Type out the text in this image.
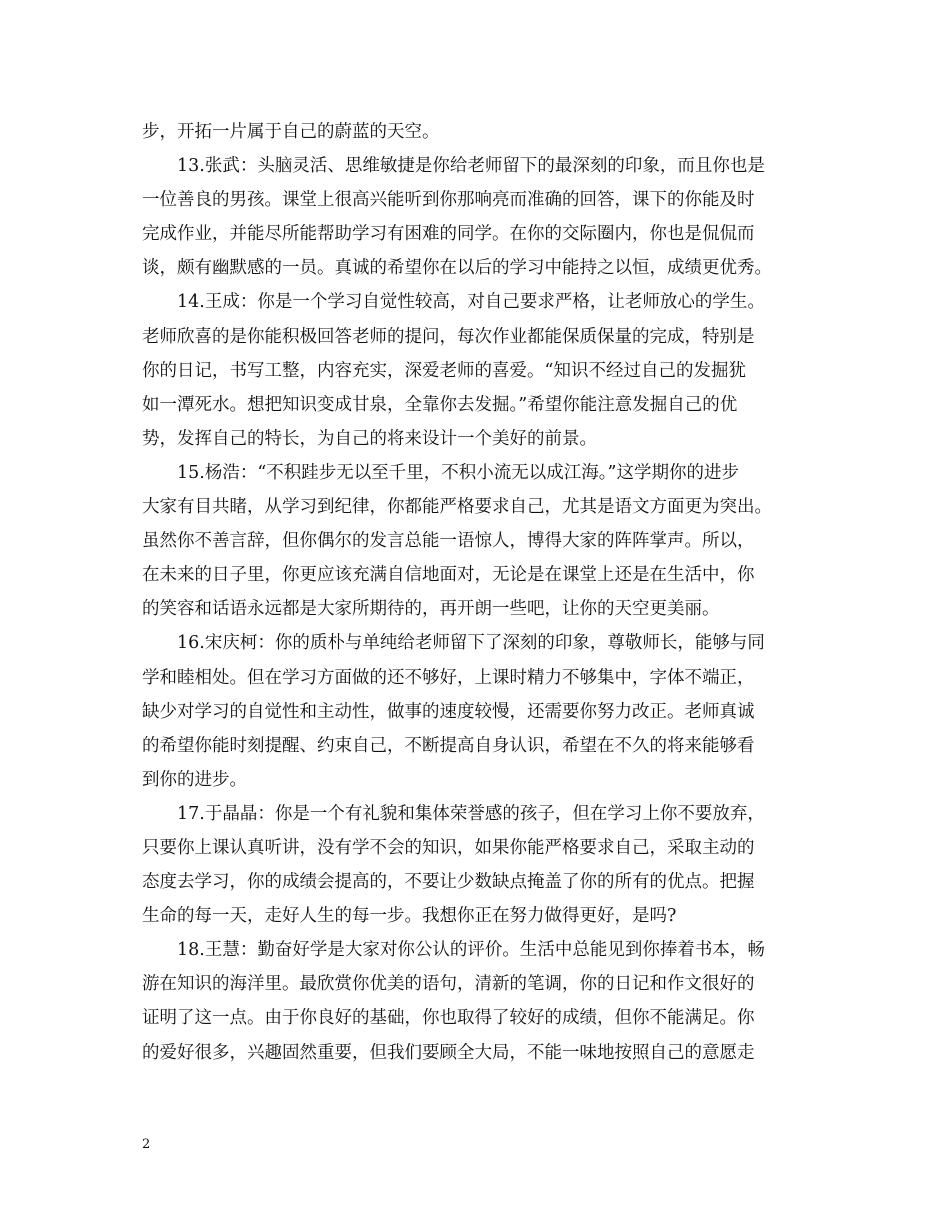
步，开拓一片属于自己的蔚蓝的天空。
13.张武：头脑灵活、思维敏捷是你给老师留下的最深刻的印象，而且你也是
一位善良的男孩。课堂上很高兴能听到你那响亮而准确的回答，课下的你能及时
完成作业，并能尽所能帮助学习有困难的同学。在你的交际圈内，你也是侃侃而
谈，颇有幽默感的一员。真诚的希望你在以后的学习中能持之以恒，成绩更优秀。
14.王成：你是一个学习自觉性较高，对自己要求严格，让老师放心的学生。
老师欣喜的是你能积极回答老师的提问，每次作业都能保质保量的完成，特别是
你的日记，书写工整，内容充实，深爱老师的喜爱。“知识不经过自己的发掘犹
如一潭死水。想把知识变成甘泉，全靠你去发掘。”希望你能注意发掘自己的优
势，发挥自己的特长，为自己的将来设计一个美好的前景。
15.杨浩：“不积跬步无以至千里，不积小流无以成江海。”这学期你的进步
大家有目共睹，从学习到纪律，你都能严格要求自己，尤其是语文方面更为突出。
虽然你不善言辞，但你偶尔的发言总能一语惊人，博得大家的阵阵掌声。所以，
在未来的日子里，你更应该充满自信地面对，无论是在课堂上还是在生活中，你
的笑容和话语永远都是大家所期待的，再开朗一些吧，让你的天空更美丽。
16.宋庆柯：你的质朴与单纯给老师留下了深刻的印象，尊敬师长，能够与同
学和睦相处。但在学习方面做的还不够好，上课时精力不够集中，字体不端正，
缺少对学习的自觉性和主动性，做事的速度较慢，还需要你努力改正。老师真诚
的希望你能时刻提醒、约束自己，不断提高自身认识，希望在不久的将来能够看
到你的进步。
17.于晶晶：你是一个有礼貌和集体荣誉感的孩子，但在学习上你不要放弃，
只要你上课认真听讲，没有学不会的知识，如果你能严格要求自己，采取主动的
态度去学习，你的成绩会提高的，不要让少数缺点掩盖了你的所有的优点。把握
生命的每一天，走好人生的每一步。我想你正在努力做得更好，是吗?
18.王慧：勤奋好学是大家对你公认的评价。生活中总能见到你捧着书本，畅
游在知识的海洋里。最欣赏你优美的语句，清新的笔调，你的日记和作文很好的
证明了这一点。由于你良好的基础，你也取得了较好的成绩，但你不能满足。你
的爱好很多，兴趣固然重要，但我们要顾全大局，不能一味地按照自己的意愿走
2
